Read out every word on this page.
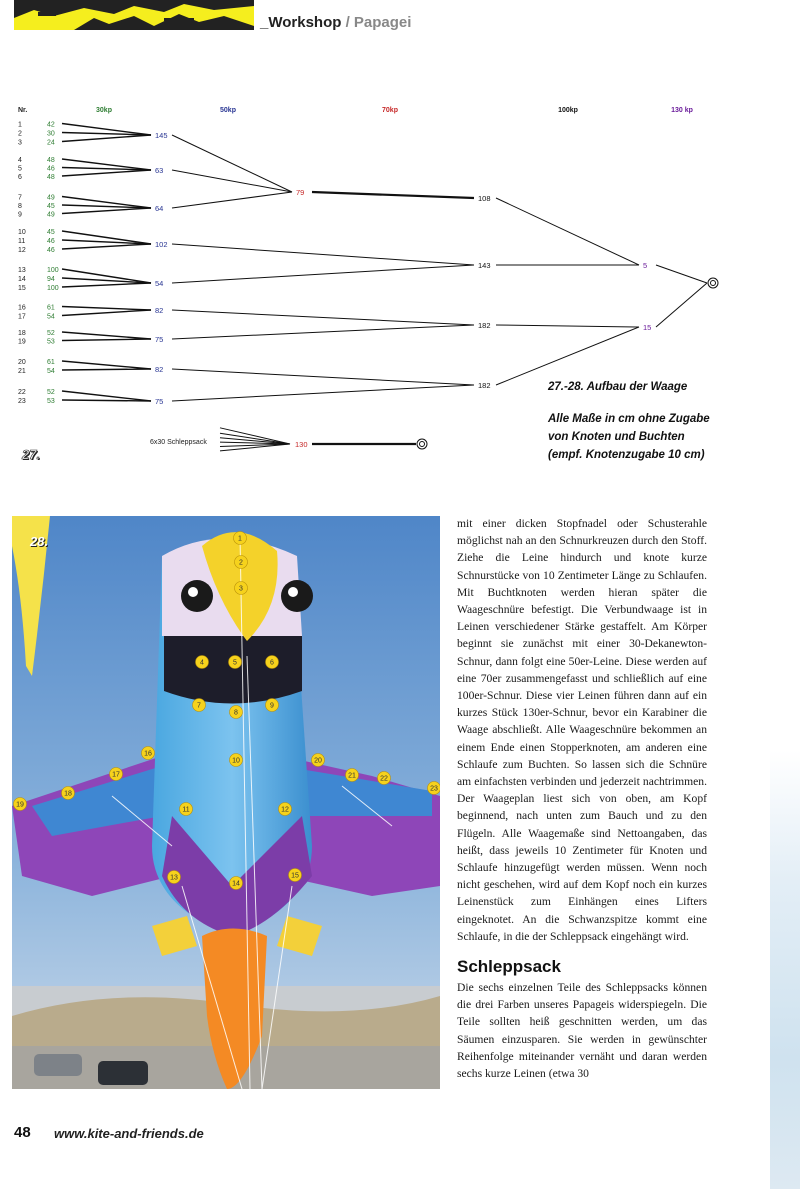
_Workshop / Papagei
Nr.	30kp	50kp	70kp	100kp	130 kp
1	42
2	30
3	24
4	48
5	46
6	48
7	49
8	45
9	49
10	45
11	46
12	46
13	100
14	94
15	100
16	61
17	54
18	52
19	53
20	61
21	54
22	52
23	53
145
63
64
102
54
82
75
82
75
79
108
143
182
182
5
15
6x30 Schleppsack	130
27.
27.-28. Aufbau der Waage
Alle Maße in cm ohne Zugabe
von Knoten und Buchten
(empf. Knotenzugabe 10 cm)
1
2
3
4	5	6
7
8
9
10
11	12
13
14
15
16
17
18
19
20
21	22
23
28.

mit einer dicken Stopfnadel oder Schusterahle möglichst nah an den Schnurkreuzen durch den Stoff. Ziehe die Leine hindurch und knote kurze Schnurstücke von 10 Zentimeter Länge zu Schlaufen. Mit Buchtknoten werden hieran später die Waageschnüre befestigt. Die Verbundwaage ist in Leinen verschiedener Stärke gestaffelt. Am Körper beginnt sie zunächst mit einer 30-Dekanewton-Schnur, dann folgt eine 50er-Leine. Diese werden auf eine 70er zusammengefasst und schließlich auf eine 100er-Schnur. Diese vier Leinen führen dann auf ein kurzes Stück 130er-Schnur, bevor ein Karabiner die Waage abschließt. Alle Waageschnüre bekommen an einem Ende einen Stopperknoten, am anderen eine Schlaufe zum Buchten. So lassen sich die Schnüre am einfachsten verbinden und jederzeit nachtrimmen. Der Waageplan liest sich von oben, am Kopf beginnend, nach unten zum Bauch und zu den Flügeln. Alle Waagemaße sind Nettoangaben, das heißt, dass jeweils 10 Zentimeter für Knoten und Schlaufe hinzugefügt werden müssen. Wenn noch nicht geschehen, wird auf dem Kopf noch ein kurzes Leinenstück zum Einhängen eines Lifters eingeknotet. An die Schwanzspitze kommt eine Schlaufe, in die der Schleppsack eingehängt wird.

Schleppsack

Die sechs einzelnen Teile des Schleppsacks können die drei Farben unseres Papageis widerspiegeln. Die Teile sollten heiß geschnitten werden, um das Säumen einzusparen. Sie werden in gewünschter Reihenfolge miteinander vernäht und daran werden sechs kurze Leinen (etwa 30

48 www.kite-and-friends.de
